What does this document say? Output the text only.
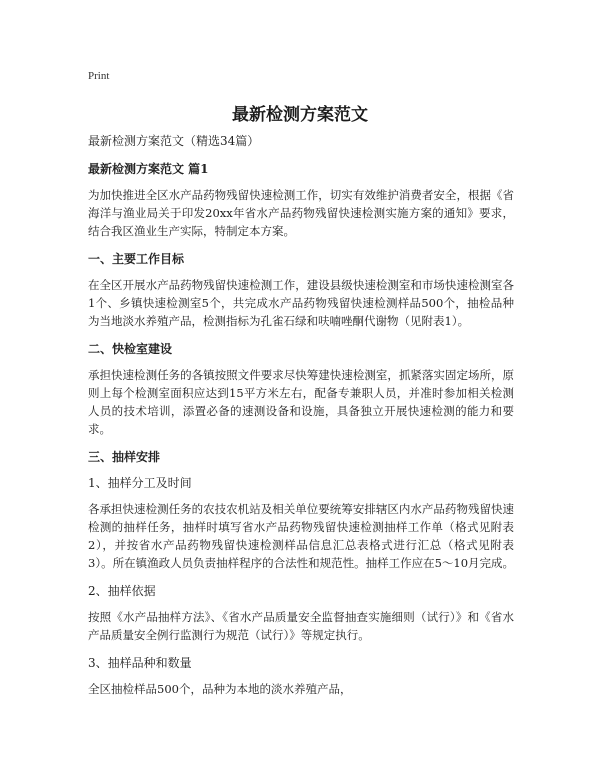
Print
最新检测方案范文

最新检测方案范文（精选34篇）

最新检测方案范文 篇1

为加快推进全区水产品药物残留快速检测工作，切实有效维护消费者安全，根据《省海洋与渔业局关于印发20xx年省水产品药物残留快速检测实施方案的通知》要求，结合我区渔业生产实际，特制定本方案。

一、主要工作目标

在全区开展水产品药物残留快速检测工作，建设县级快速检测室和市场快速检测室各1个、乡镇快速检测室5个，共完成水产品药物残留快速检测样品500个，抽检品种为当地淡水养殖产品，检测指标为孔雀石绿和呋喃唑酮代谢物（见附表1）。

二、快检室建设

承担快速检测任务的各镇按照文件要求尽快筹建快速检测室，抓紧落实固定场所，原则上每个检测室面积应达到15平方米左右，配备专兼职人员，并准时参加相关检测人员的技术培训，添置必备的速测设备和设施，具备独立开展快速检测的能力和要求。

三、抽样安排

1、抽样分工及时间

各承担快速检测任务的农技农机站及相关单位要统筹安排辖区内水产品药物残留快速检测的抽样任务，抽样时填写省水产品药物残留快速检测抽样工作单（格式见附表2），并按省水产品药物残留快速检测样品信息汇总表格式进行汇总（格式见附表3）。所在镇渔政人员负责抽样程序的合法性和规范性。抽样工作应在5～10月完成。

2、抽样依据

按照《水产品抽样方法》、《省水产品质量安全监督抽查实施细则（试行）》和《省水产品质量安全例行监测行为规范（试行）》等规定执行。

3、抽样品种和数量

全区抽检样品500个，品种为本地的淡水养殖产品，
